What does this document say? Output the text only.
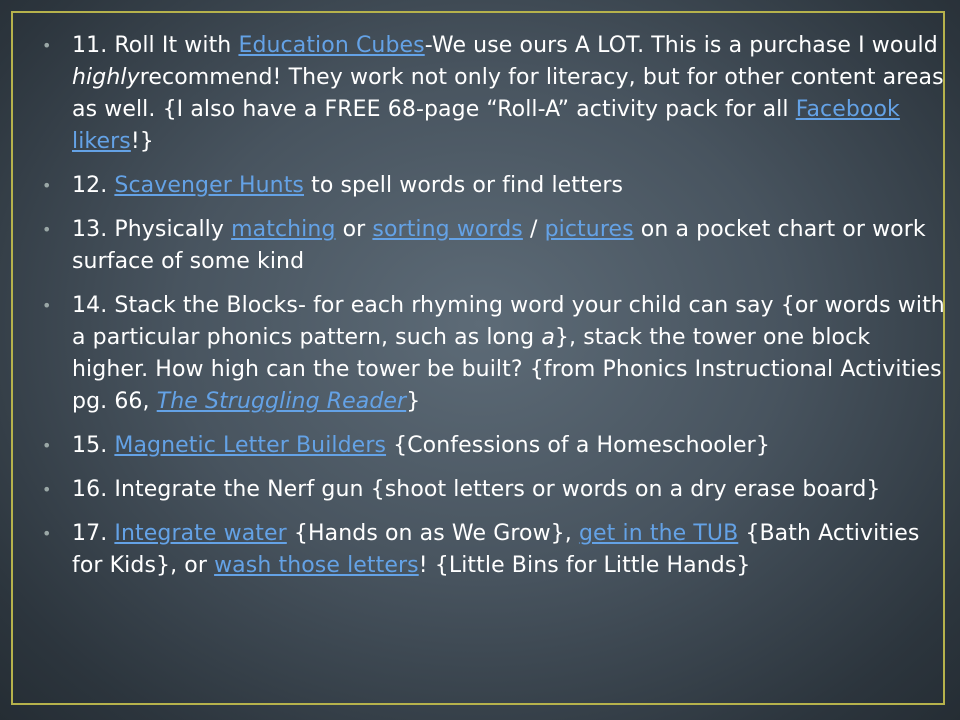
• 11. Roll It with Education Cubes-We use ours A LOT. This is a purchase I would highlyrecommend! They work not only for literacy, but for other content areas as well. {I also have a FREE 68-page “Roll-A” activity pack for all Facebook likers!}
• 12. Scavenger Hunts to spell words or find letters
• 13. Physically matching or sorting words / pictures on a pocket chart or work surface of some kind
• 14. Stack the Blocks- for each rhyming word your child can say {or words with a particular phonics pattern, such as long a}, stack the tower one block higher. How high can the tower be built? {from Phonics Instructional Activities pg. 66, The Struggling Reader}
• 15. Magnetic Letter Builders {Confessions of a Homeschooler}
• 16. Integrate the Nerf gun {shoot letters or words on a dry erase board}
• 17. Integrate water {Hands on as We Grow}, get in the TUB {Bath Activities for Kids}, or wash those letters! {Little Bins for Little Hands}
